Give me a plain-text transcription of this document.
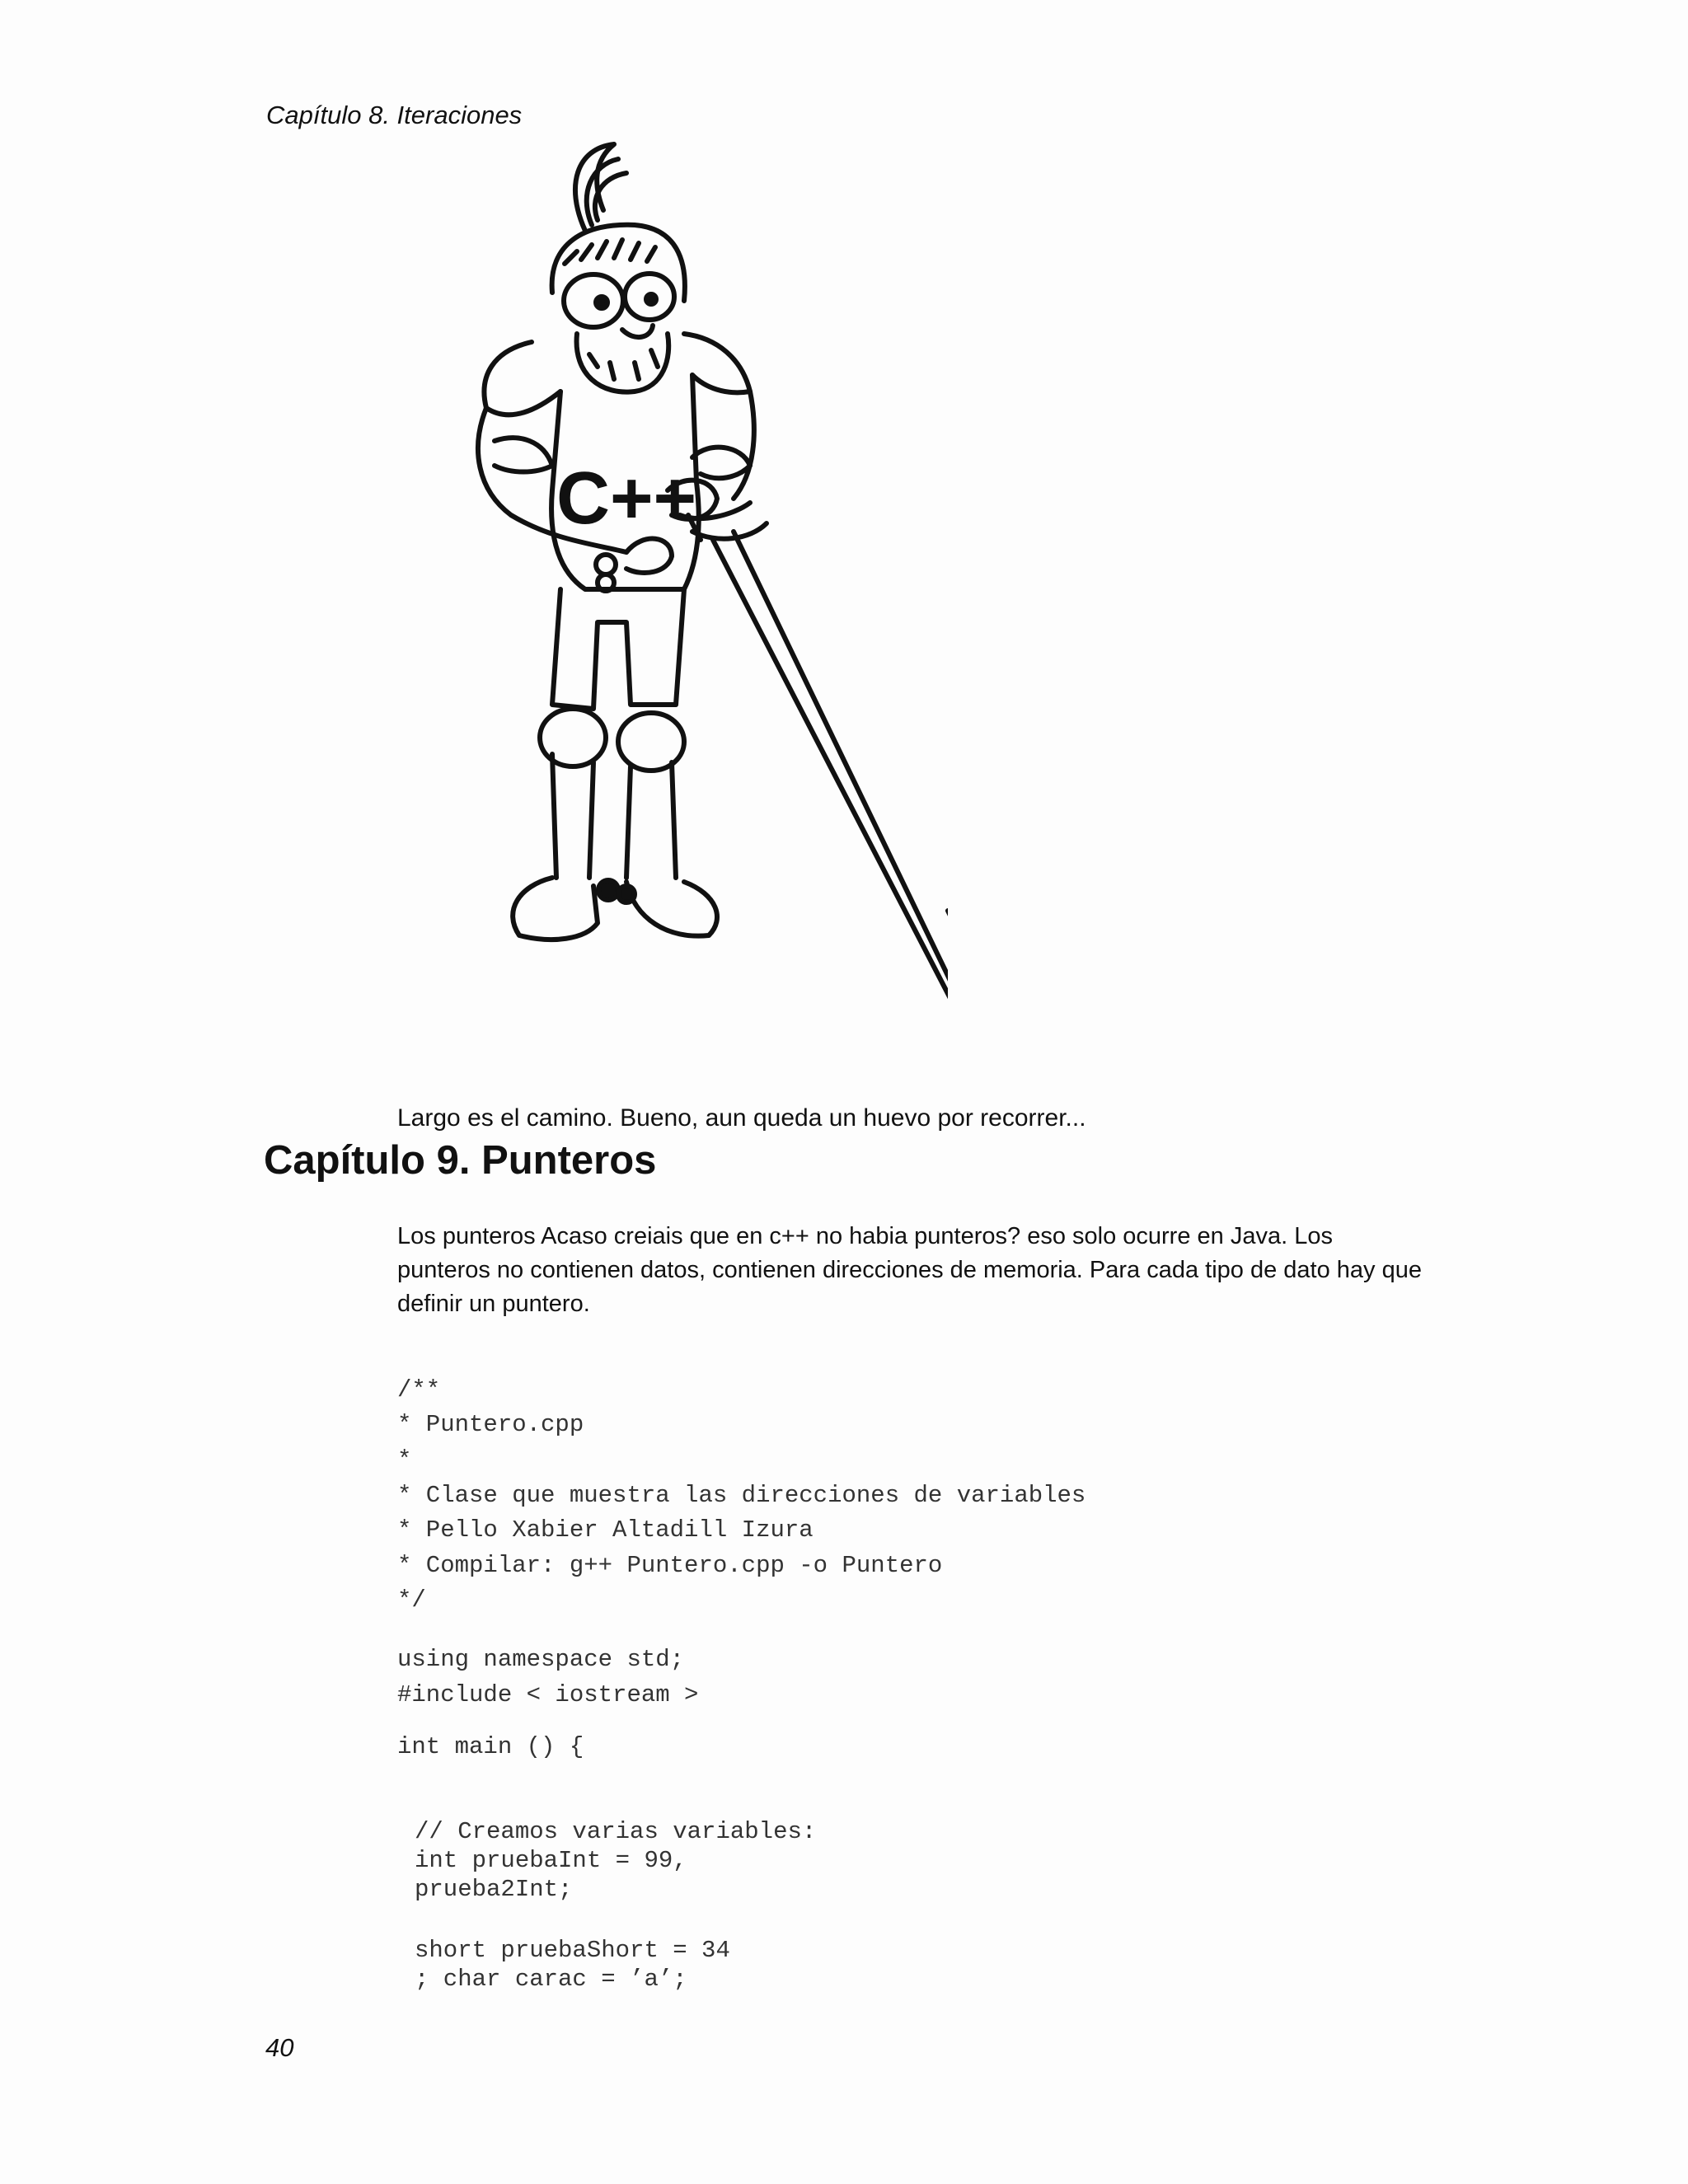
Capítulo 8. Iteraciones
C++
Largo es el camino. Bueno, aun queda un huevo por recorrer...
Capítulo 9. Punteros

Los punteros Acaso creiais que en c++ no habia punteros? eso solo ocurre en Java. Los punteros no contienen datos, contienen direcciones de memoria. Para cada tipo de dato hay que definir un puntero.

/**
* Puntero.cpp
*
* Clase que muestra las direcciones de variables
* Pello Xabier Altadill Izura
* Compilar: g++ Puntero.cpp -o Puntero
*/
using namespace std;
#include < iostream >
int main () {
// Creamos varias variables:
int pruebaInt = 99,
prueba2Int;
short pruebaShort = 34
; char carac = ’a’;
40
